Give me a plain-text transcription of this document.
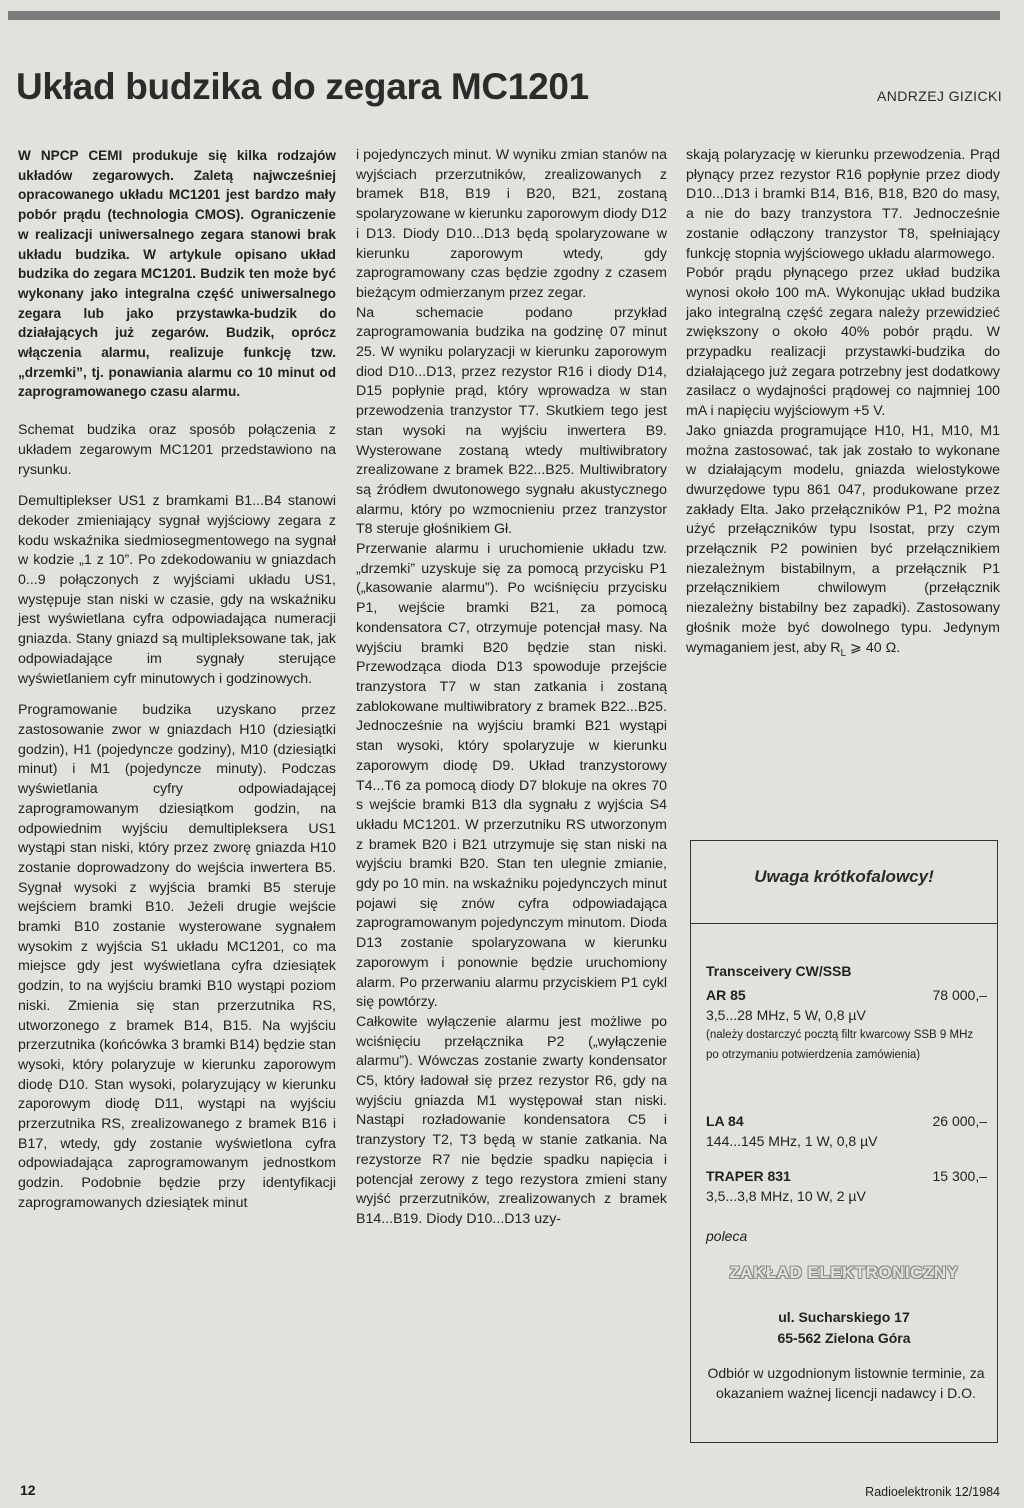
Układ budzika do zegara MC1201	ANDRZEJ GIZICKI

W NPCP CEMI produkuje się kilka rodzajów układów zegarowych. Zaletą najwcześniej opracowanego układu MC1201 jest bardzo mały pobór prądu (technologia CMOS). Ograniczenie w realizacji uniwersalnego zegara stanowi brak układu budzika. W artykule opisano układ budzika do zegara MC1201. Budzik ten może być wykonany jako integralna część uniwersalnego zegara lub jako przystawka-budzik do działających już zegarów. Budzik, oprócz włączenia alarmu, realizuje funkcję tzw. „drzemki”, tj. ponawiania alarmu co 10 minut od zaprogramowanego czasu alarmu.

Schemat budzika oraz sposób połączenia z układem zegarowym MC1201 przedstawiono na rysunku.

Demultiplekser US1 z bramkami B1...B4 stanowi dekoder zmieniający sygnał wyjściowy zegara z kodu wskaźnika siedmiosegmentowego na sygnał w kodzie „1 z 10”. Po zdekodowaniu w gniazdach 0...9 połączonych z wyjściami układu US1, występuje stan niski w czasie, gdy na wskaźniku jest wyświetlana cyfra odpowiadająca numeracji gniazda. Stany gniazd są multipleksowane tak, jak odpowiadające im sygnały sterujące wyświetlaniem cyfr minutowych i godzinowych.

Programowanie budzika uzyskano przez zastosowanie zwor w gniazdach H10 (dziesiątki godzin), H1 (pojedyncze godziny), M10 (dziesiątki minut) i M1 (pojedyncze minuty). Podczas wyświetlania cyfry odpowiadającej zaprogramowanym dziesiątkom godzin, na odpowiednim wyjściu demultipleksera US1 wystąpi stan niski, który przez zworę gniazda H10 zostanie doprowadzony do wejścia inwertera B5. Sygnał wysoki z wyjścia bramki B5 steruje wejściem bramki B10. Jeżeli drugie wejście bramki B10 zostanie wysterowane sygnałem wysokim z wyjścia S1 układu MC1201, co ma miejsce gdy jest wyświetlana cyfra dziesiątek godzin, to na wyjściu bramki B10 wystąpi poziom niski. Zmienia się stan przerzutnika RS, utworzonego z bramek B14, B15. Na wyjściu przerzutnika (końcówka 3 bramki B14) będzie stan wysoki, który polaryzuje w kierunku zaporowym diodę D10. Stan wysoki, polaryzujący w kierunku zaporowym diodę D11, wystąpi na wyjściu przerzutnika RS, zrealizowanego z bramek B16 i B17, wtedy, gdy zostanie wyświetlona cyfra odpowiadająca zaprogramowanym jednostkom godzin. Podobnie będzie przy identyfikacji zaprogramowanych dziesiątek minut

i pojedynczych minut. W wyniku zmian stanów na wyjściach przerzutników, zrealizowanych z bramek B18, B19 i B20, B21, zostaną spolaryzowane w kierunku zaporowym diody D12 i D13. Diody D10...D13 będą spolaryzowane w kierunku zaporowym wtedy, gdy zaprogramowany czas będzie zgodny z czasem bieżącym odmierzanym przez zegar.

Na schemacie podano przykład zaprogramowania budzika na godzinę 07 minut 25. W wyniku polaryzacji w kierunku zaporowym diod D10...D13, przez rezystor R16 i diody D14, D15 popłynie prąd, który wprowadza w stan przewodzenia tranzystor T7. Skutkiem tego jest stan wysoki na wyjściu inwertera B9. Wysterowane zostaną wtedy multiwibratory zrealizowane z bramek B22...B25. Multiwibratory są źródłem dwutonowego sygnału akustycznego alarmu, który po wzmocnieniu przez tranzystor T8 steruje głośnikiem Gł.

Przerwanie alarmu i uruchomienie układu tzw. „drzemki” uzyskuje się za pomocą przycisku P1 („kasowanie alarmu”). Po wciśnięciu przycisku P1, wejście bramki B21, za pomocą kondensatora C7, otrzymuje potencjał masy. Na wyjściu bramki B20 będzie stan niski. Przewodząca dioda D13 spowoduje przejście tranzystora T7 w stan zatkania i zostaną zablokowane multiwibratory z bramek B22...B25. Jednocześnie na wyjściu bramki B21 wystąpi stan wysoki, który spolaryzuje w kierunku zaporowym diodę D9. Układ tranzystorowy T4...T6 za pomocą diody D7 blokuje na okres 70 s wejście bramki B13 dla sygnału z wyjścia S4 układu MC1201. W przerzutniku RS utworzonym z bramek B20 i B21 utrzymuje się stan niski na wyjściu bramki B20. Stan ten ulegnie zmianie, gdy po 10 min. na wskaźniku pojedynczych minut pojawi się znów cyfra odpowiadająca zaprogramowanym pojedynczym minutom. Dioda D13 zostanie spolaryzowana w kierunku zaporowym i ponownie będzie uruchomiony alarm. Po przerwaniu alarmu przyciskiem P1 cykl się powtórzy.

Całkowite wyłączenie alarmu jest możliwe po wciśnięciu przełącznika P2 („wyłączenie alarmu”). Wówczas zostanie zwarty kondensator C5, który ładował się przez rezystor R6, gdy na wyjściu gniazda M1 występował stan niski. Nastąpi rozładowanie kondensatora C5 i tranzystory T2, T3 będą w stanie zatkania. Na rezystorze R7 nie będzie spadku napięcia i potencjał zerowy z tego rezystora zmieni stany wyjść przerzutników, zrealizowanych z bramek B14...B19. Diody D10...D13 uzy-

skają polaryzację w kierunku przewodzenia. Prąd płynący przez rezystor R16 popłynie przez diody D10...D13 i bramki B14, B16, B18, B20 do masy, a nie do bazy tranzystora T7. Jednocześnie zostanie odłączony tranzystor T8, spełniający funkcję stopnia wyjściowego układu alarmowego.

Pobór prądu płynącego przez układ budzika wynosi około 100 mA. Wykonując układ budzika jako integralną część zegara należy przewidzieć zwiększony o około 40% pobór prądu. W przypadku realizacji przystawki-budzika do działającego już zegara potrzebny jest dodatkowy zasilacz o wydajności prądowej co najmniej 100 mA i napięciu wyjściowym +5 V.

Jako gniazda programujące H10, H1, M10, M1 można zastosować, tak jak zostało to wykonane w działającym modelu, gniazda wielostykowe dwurzędowe typu 861 047, produkowane przez zakłady Elta. Jako przełączników P1, P2 można użyć przełączników typu Isostat, przy czym przełącznik P2 powinien być przełącznikiem niezależnym bistabilnym, a przełącznik P1 przełącznikiem chwilowym (przełącznik niezależny bistabilny bez zapadki). Zastosowany głośnik może być dowolnego typu. Jedynym wymaganiem jest, aby $R_L$ ⩾ 40 Ω.

Uwaga krótkofalowcy!
Transceivery CW/SSB
AR 85	78 000,–
3,5...28 MHz, 5 W, 0,8 µV
(należy dostarczyć pocztą filtr kwarcowy SSB 9 MHz po otrzymaniu potwierdzenia zamówienia)
LA 84	26 000,–
144...145 MHz, 1 W, 0,8 µV
TRAPER 831	15 300,–
3,5...3,8 MHz, 10 W, 2 µV
poleca
ZAKŁAD ELEKTRONICZNY
ul. Sucharskiego 17
65-562 Zielona Góra
Odbiór w uzgodnionym listownie terminie, za okazaniem ważnej licencji nadawcy i D.O.
12	Radioelektronik 12/1984
